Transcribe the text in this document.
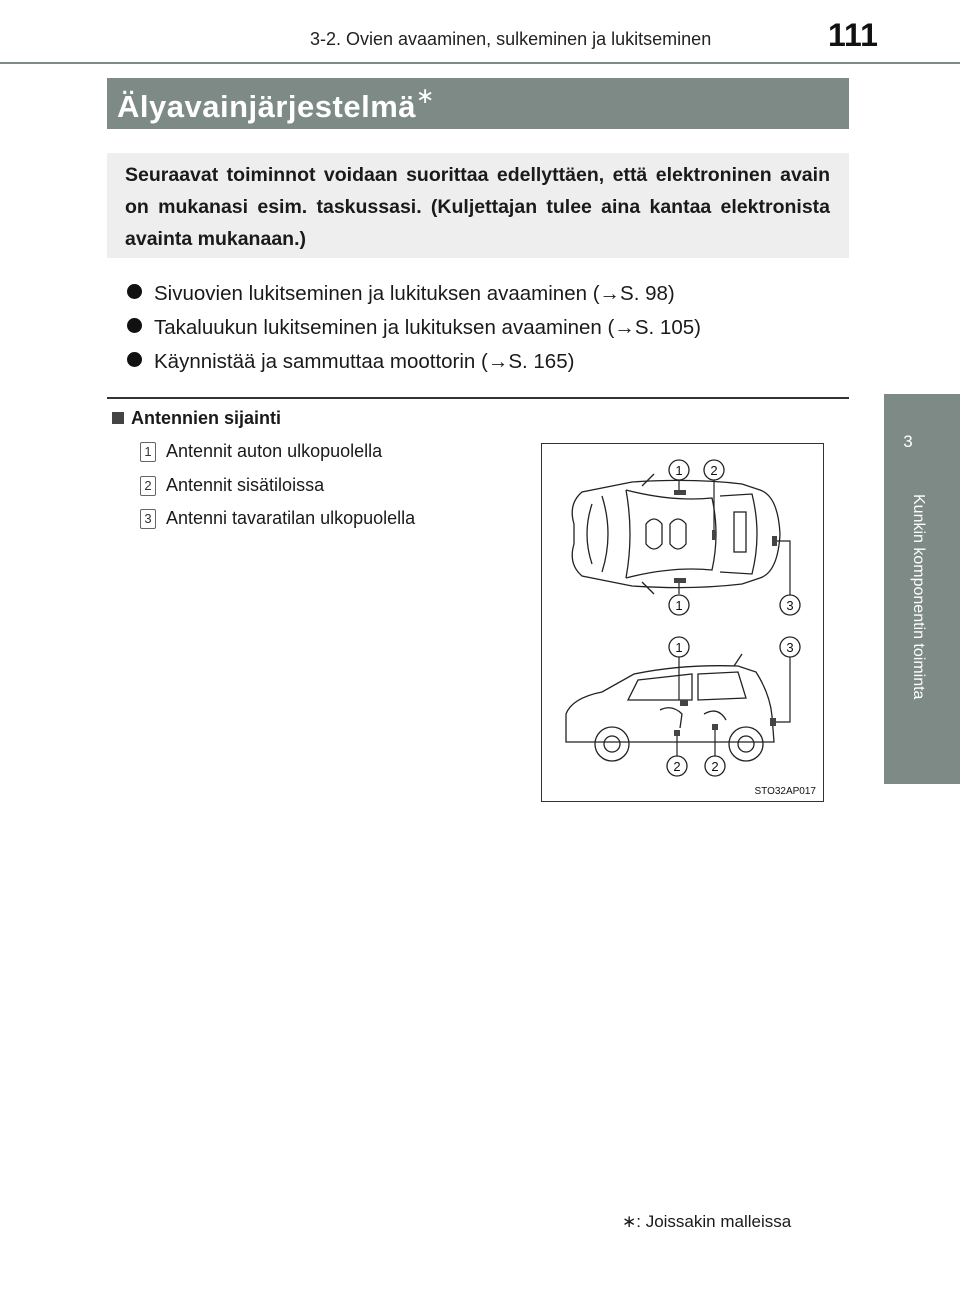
3-2. Ovien avaaminen, sulkeminen ja lukitseminen	111
3
Kunkin komponentin toiminta
Älyavainjärjestelmä∗
Seuraavat toiminnot voidaan suorittaa edellyttäen, että elektroninen avain on mukanasi esim. taskussasi. (Kuljettajan tulee aina kantaa elektronista avainta mukanaan.)
Sivuovien lukitseminen ja lukituksen avaaminen (→S. 98)
Takaluukun lukitseminen ja lukituksen avaaminen (→S. 105)
Käynnistää ja sammuttaa moottorin (→S. 165)
Antennien sijainti
1 Antennit auton ulkopuolella
2 Antennit sisätiloissa
3 Antenni tavaratilan ulkopuolella
1 2
1	3
1	3
2 2
STO32AP017
∗: Joissakin malleissa
